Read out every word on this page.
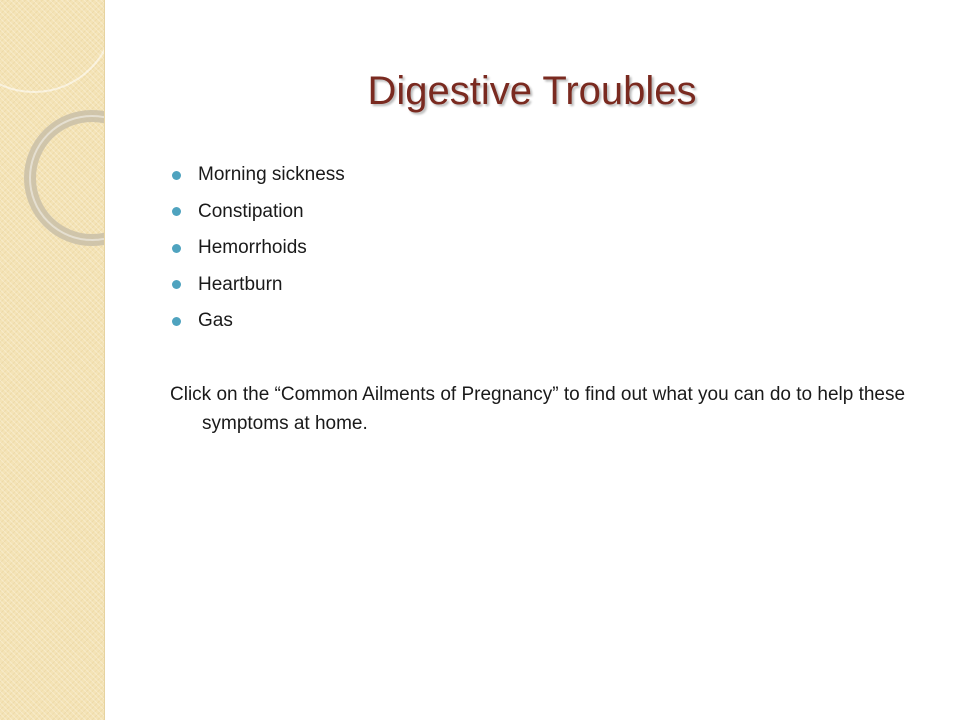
Digestive Troubles
Morning sickness
Constipation
Hemorrhoids
Heartburn
Gas

Click on the “Common Ailments of Pregnancy” to find out what you can do to help these symptoms at home.
